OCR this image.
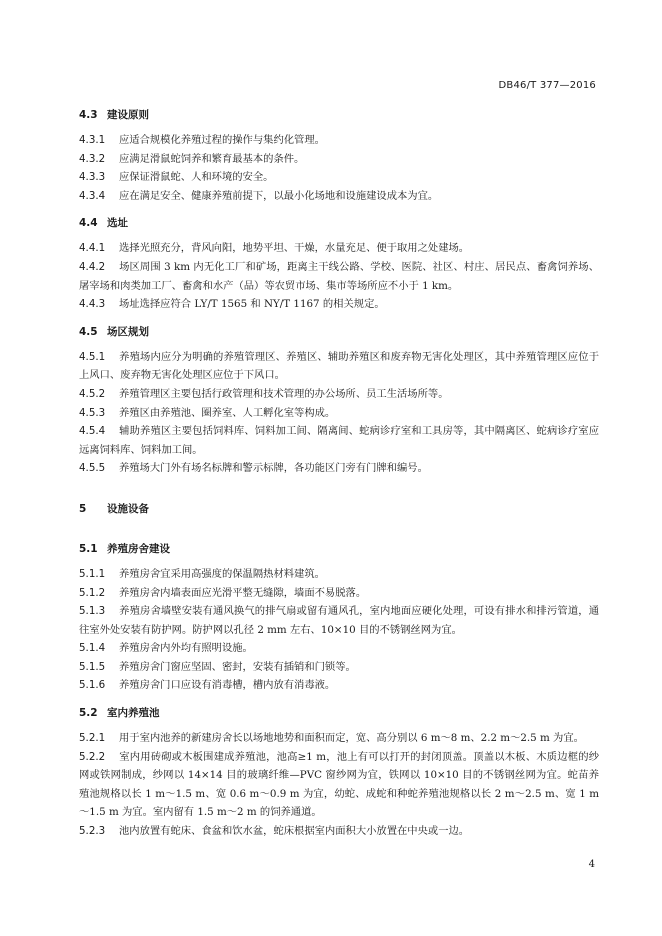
DB46/T 377—2016

4.3 建设原则

4.3.1 应适合规模化养殖过程的操作与集约化管理。

4.3.2 应满足滑鼠蛇饲养和繁育最基本的条件。

4.3.3 应保证滑鼠蛇、人和环境的安全。

4.3.4 应在满足安全、健康养殖前提下，以最小化场地和设施建设成本为宜。

4.4 选址

4.4.1 选择光照充分，背风向阳，地势平坦、干燥，水量充足、便于取用之处建场。

4.4.2 场区周围 3 km 内无化工厂和矿场，距离主干线公路、学校、医院、社区、村庄、居民点、畜禽饲养场、屠宰场和肉类加工厂、畜禽和水产（品）等农贸市场、集市等场所应不小于 1 km。

4.4.3 场址选择应符合 LY/T 1565 和 NY/T 1167 的相关规定。

4.5 场区规划

4.5.1 养殖场内应分为明确的养殖管理区、养殖区、辅助养殖区和废弃物无害化处理区，其中养殖管理区应位于上风口、废弃物无害化处理区应位于下风口。

4.5.2 养殖管理区主要包括行政管理和技术管理的办公场所、员工生活场所等。

4.5.3 养殖区由养殖池、圈养室、人工孵化室等构成。

4.5.4 辅助养殖区主要包括饲料库、饲料加工间、隔离间、蛇病诊疗室和工具房等，其中隔离区、蛇病诊疗室应远离饲料库、饲料加工间。

4.5.5 养殖场大门外有场名标牌和警示标牌，各功能区门旁有门牌和编号。

5 设施设备

5.1 养殖房舍建设

5.1.1 养殖房舍宜采用高强度的保温隔热材料建筑。

5.1.2 养殖房舍内墙表面应光滑平整无缝隙，墙面不易脱落。

5.1.3 养殖房舍墙壁安装有通风换气的排气扇或留有通风孔，室内地面应硬化处理，可设有排水和排污管道，通往室外处安装有防护网。防护网以孔径 2 mm 左右、10×10 目的不锈钢丝网为宜。

5.1.4 养殖房舍内外均有照明设施。

5.1.5 养殖房舍门窗应坚固、密封，安装有插销和门锁等。

5.1.6 养殖房舍门口应设有消毒槽，槽内放有消毒液。

5.2 室内养殖池

5.2.1 用于室内池养的新建房舍长以场地地势和面积而定，宽、高分别以 6 m～8 m、2.2 m～2.5 m 为宜。

5.2.2 室内用砖砌或木板围建成养殖池，池高≥1 m，池上有可以打开的封闭顶盖。顶盖以木板、木质边框的纱网或铁网制成，纱网以 14×14 目的玻璃纤维—PVC 窗纱网为宜，铁网以 10×10 目的不锈钢丝网为宜。蛇苗养殖池规格以长 1 m～1.5 m、宽 0.6 m～0.9 m 为宜，幼蛇、成蛇和种蛇养殖池规格以长 2 m～2.5 m、宽 1 m～1.5 m 为宜。室内留有 1.5 m～2 m 的饲养通道。

5.2.3 池内放置有蛇床、食盆和饮水盆，蛇床根据室内面积大小放置在中央或一边。

4
